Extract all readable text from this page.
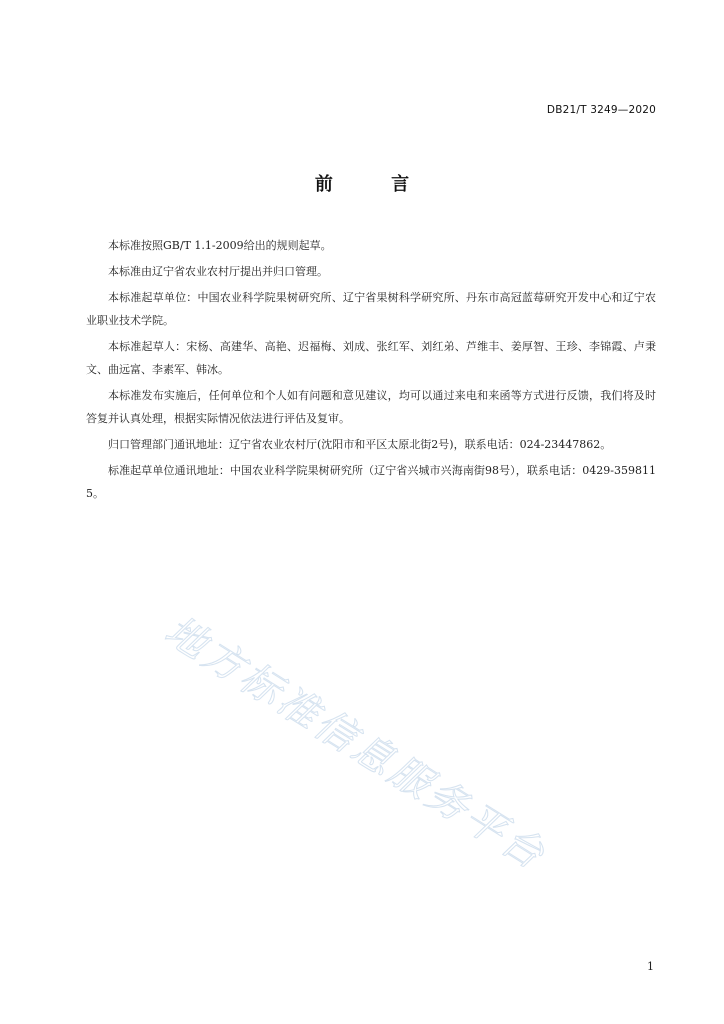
DB21/T 3249—2020
前 言

本标准按照GB/T 1.1-2009给出的规则起草。

本标准由辽宁省农业农村厅提出并归口管理。

本标准起草单位：中国农业科学院果树研究所、辽宁省果树科学研究所、丹东市高冠蓝莓研究开发中心和辽宁农业职业技术学院。

本标准起草人：宋杨、高建华、高艳、迟福梅、刘成、张红军、刘红弟、芦维丰、姜厚智、王珍、李锦霞、卢秉文、曲远富、李素军、韩冰。

本标准发布实施后，任何单位和个人如有问题和意见建议，均可以通过来电和来函等方式进行反馈，我们将及时答复并认真处理，根据实际情况依法进行评估及复审。

归口管理部门通讯地址：辽宁省农业农村厅(沈阳市和平区太原北街2号)，联系电话：024-23447862。

标准起草单位通讯地址：中国农业科学院果树研究所（辽宁省兴城市兴海南街98号），联系电话：0429-3598115。

地方标准信息服务平台
1
